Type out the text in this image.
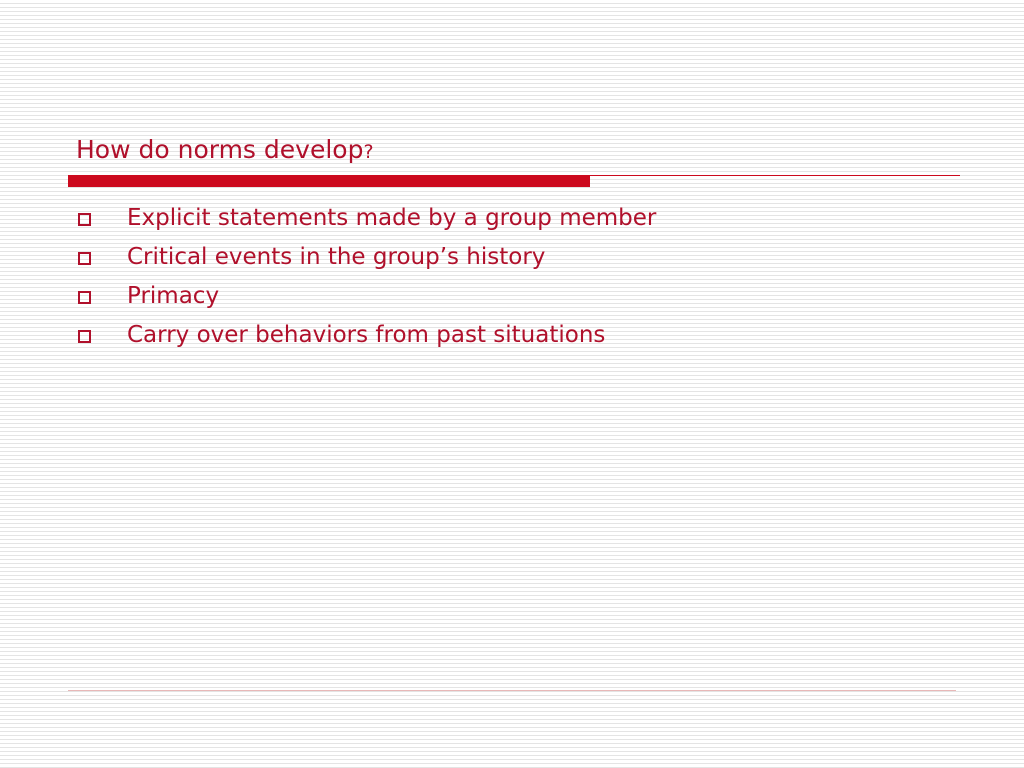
How do norms develop?
Explicit statements made by a group member
Critical events in the group’s history
Primacy
Carry over behaviors from past situations
